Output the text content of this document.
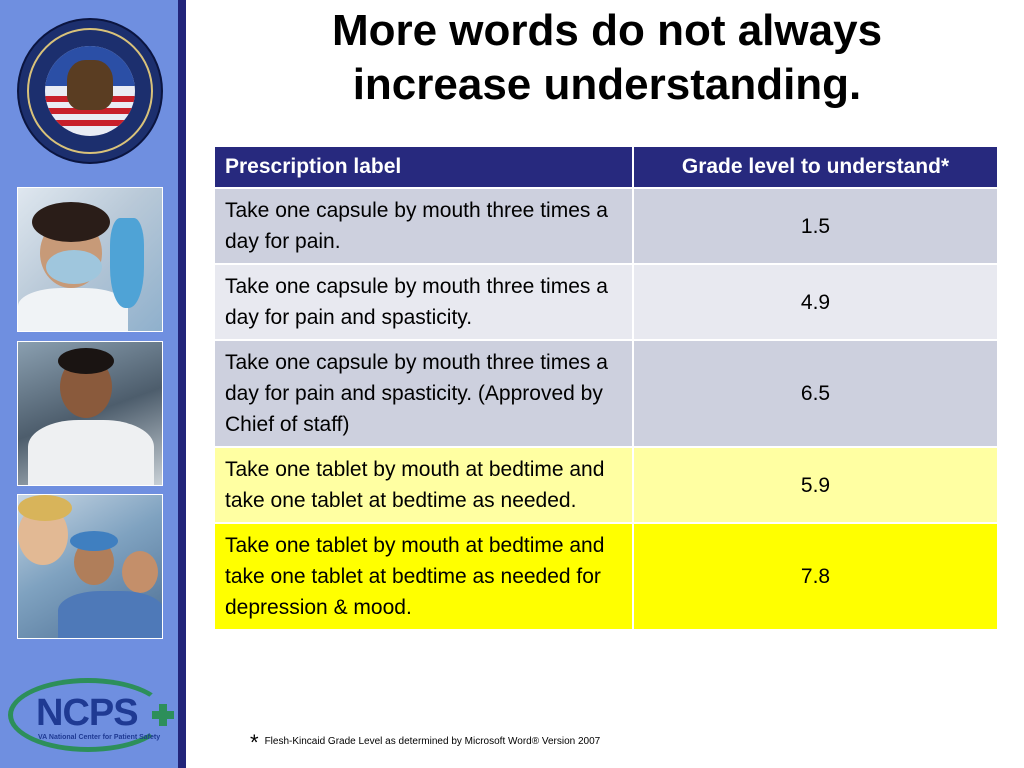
NCPS
VA National Center for Patient Safety
More words do not always
increase understanding.
Prescription label	Grade level to understand*
Take one capsule by mouth three times a day for pain.	1.5
Take one capsule by mouth three times a day for pain and spasticity.	4.9
Take one capsule by mouth three times a day for pain and spasticity. (Approved by Chief of staff)	6.5
Take one tablet by mouth at bedtime and take one tablet at bedtime as needed.	5.9
Take one tablet by mouth at bedtime and take one tablet at bedtime as needed for depression & mood.	7.8
* Flesh-Kincaid Grade Level as determined by Microsoft Word® Version 2007
